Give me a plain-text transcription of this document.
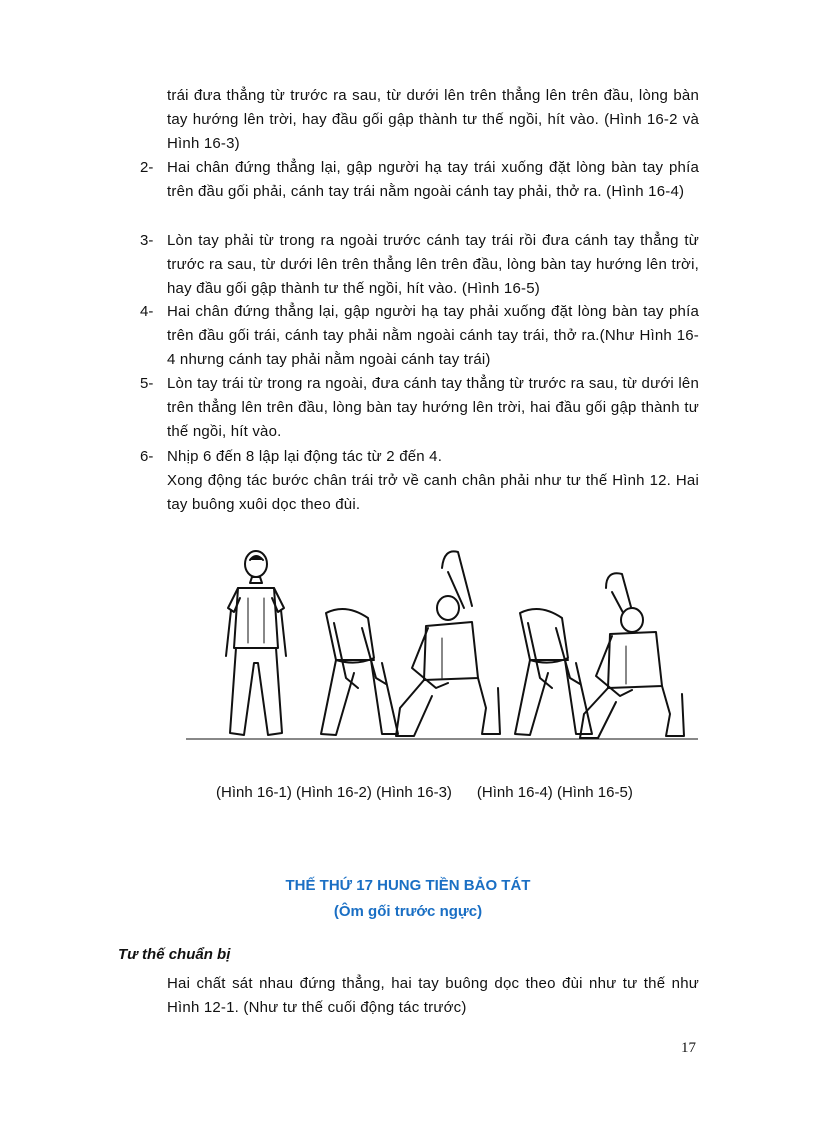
trái đưa thẳng từ trước ra sau, từ dưới lên trên thẳng lên trên đầu, lòng bàn tay hướng lên trời, hay đầu gối gập thành tư thế ngồi, hít vào. (Hình 16-2 và Hình 16-3)

2- Hai chân đứng thẳng lại, gập người hạ tay trái xuống đặt lòng bàn tay phía trên đầu gối phải, cánh tay trái nằm ngoài cánh tay phải, thở ra. (Hình 16-4)

3- Lòn tay phải từ trong ra ngoài trước cánh tay trái rồi đưa cánh tay thẳng từ trước ra sau, từ dưới lên trên thẳng lên trên đầu, lòng bàn tay hướng lên trời, hay đầu gối gập thành tư thế ngồi, hít vào. (Hình 16-5)

4- Hai chân đứng thẳng lại, gập người hạ tay phải xuống đặt lòng bàn tay phía trên đầu gối trái, cánh tay phải nằm ngoài cánh tay trái, thở ra.(Như Hình 16-4 nhưng cánh tay phải nằm ngoài cánh tay trái)

5- Lòn tay trái từ trong ra ngoài, đưa cánh tay thẳng từ trước ra sau, từ dưới lên trên thẳng lên trên đầu, lòng bàn tay hướng lên trời, hai đầu gối gập thành tư thế ngồi, hít vào.

6- Nhịp 6 đến 8 lập lại động tác từ 2 đến 4.

Xong động tác bước chân trái trở về canh chân phải như tư thế Hình 12. Hai tay buông xuôi dọc theo đùi.

(Hình 16-1) (Hình 16-2) (Hình 16-3)      (Hình 16-4) (Hình 16-5)
THẾ THỨ 17 HUNG TIỀN BẢO TÁT
(Ôm gối trước ngực)
Tư thế chuẩn bị

Hai chất sát nhau đứng thẳng, hai tay buông dọc theo đùi như tư thế như Hình 12-1. (Như tư thế cuối động tác trước)

17
